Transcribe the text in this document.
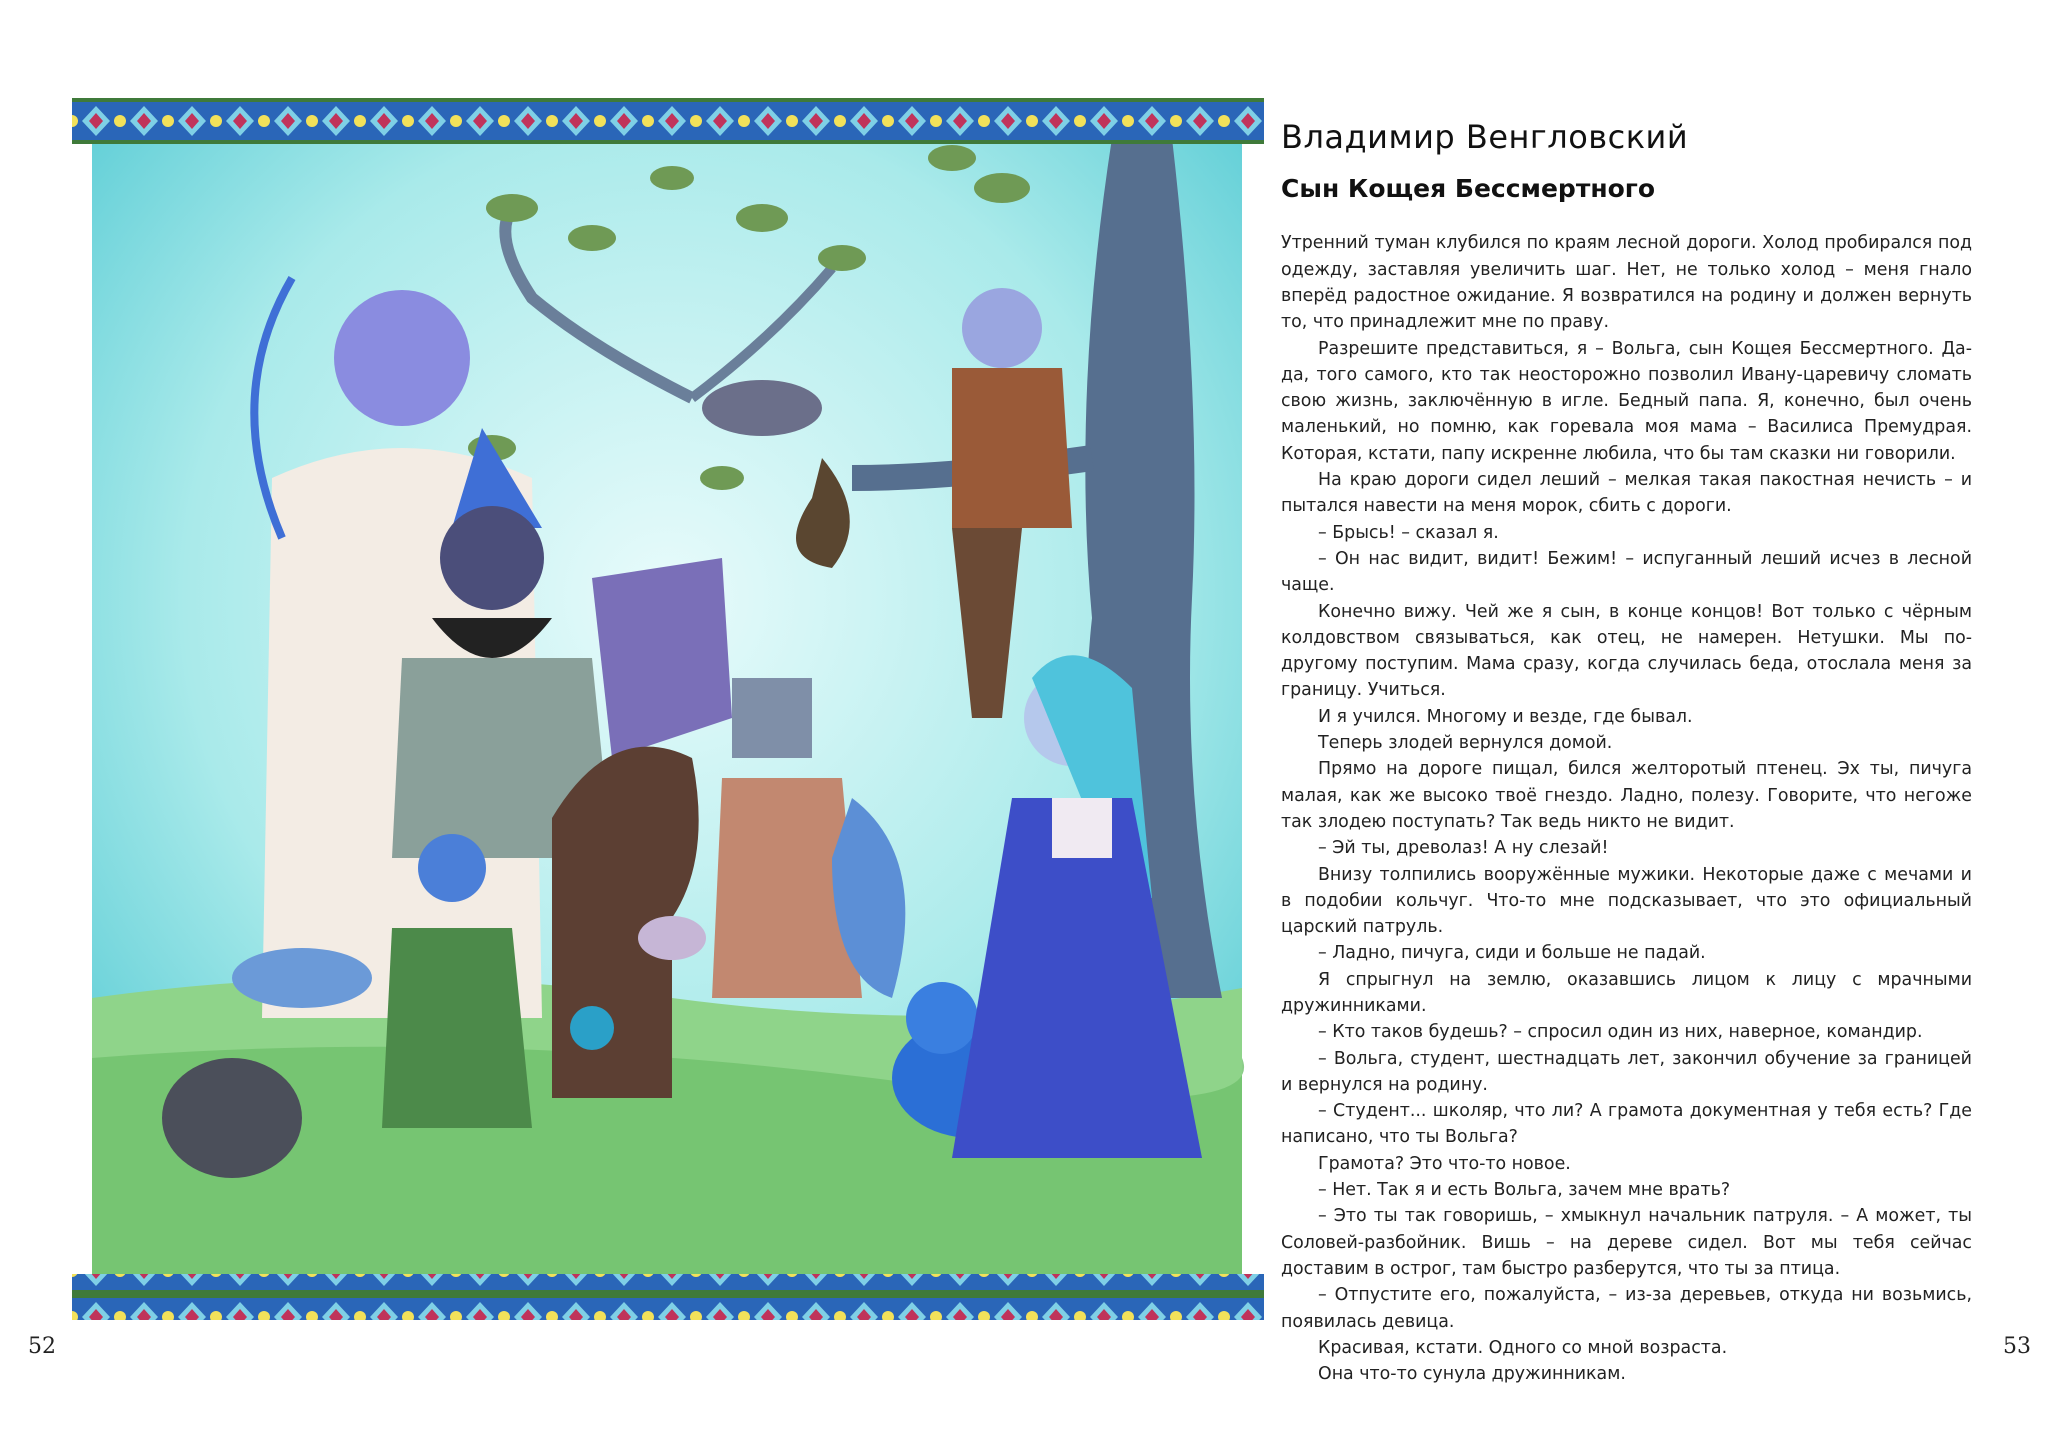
52
Владимир Венгловский
Сын Кощея Бессмертного

Утренний туман клубился по краям лесной дороги. Холод пробирался под одежду, заставляя увеличить шаг. Нет, не только холод – меня гнало вперёд радостное ожидание. Я возвратился на родину и должен вернуть то, что принадлежит мне по праву.

Разрешите представиться, я – Вольга, сын Кощея Бессмертного. Да-да, того самого, кто так неосторожно позволил Ивану-царевичу сломать свою жизнь, заключённую в игле. Бедный папа. Я, конечно, был очень маленький, но помню, как горевала моя мама – Василиса Премудрая. Которая, кстати, папу искренне любила, что бы там сказки ни говорили.

На краю дороги сидел леший – мелкая такая пакостная нечисть – и пытался навести на меня морок, сбить с дороги.

– Брысь! – сказал я.

– Он нас видит, видит! Бежим! – испуганный леший исчез в лесной чаще.

Конечно вижу. Чей же я сын, в конце концов! Вот только с чёрным колдовством связываться, как отец, не намерен. Нетушки. Мы по-другому поступим. Мама сразу, когда случилась беда, отослала меня за границу. Учиться.

И я учился. Многому и везде, где бывал.

Теперь злодей вернулся домой.

Прямо на дороге пищал, бился желторотый птенец. Эх ты, пичуга малая, как же высоко твоё гнездо. Ладно, полезу. Говорите, что негоже так злодею поступать? Так ведь никто не видит.

– Эй ты, древолаз! А ну слезай!

Внизу толпились вооружённые мужики. Некоторые даже с мечами и в подобии кольчуг. Что-то мне подсказывает, что это официальный царский патруль.

– Ладно, пичуга, сиди и больше не падай.

Я спрыгнул на землю, оказавшись лицом к лицу с мрачными дружинниками.

– Кто таков будешь? – спросил один из них, наверное, командир.

– Вольга, студент, шестнадцать лет, закончил обучение за границей и вернулся на родину.

– Студент... школяр, что ли? А грамота документная у тебя есть? Где написано, что ты Вольга?

Грамота? Это что-то новое.

– Нет. Так я и есть Вольга, зачем мне врать?

– Это ты так говоришь, – хмыкнул начальник патруля. – А может, ты Соловей-разбойник. Вишь – на дереве сидел. Вот мы тебя сейчас доставим в острог, там быстро разберутся, что ты за птица.

– Отпустите его, пожалуйста, – из-за деревьев, откуда ни возьмись, появилась девица.

Красивая, кстати. Одного со мной возраста.

Она что-то сунула дружинникам.

53
